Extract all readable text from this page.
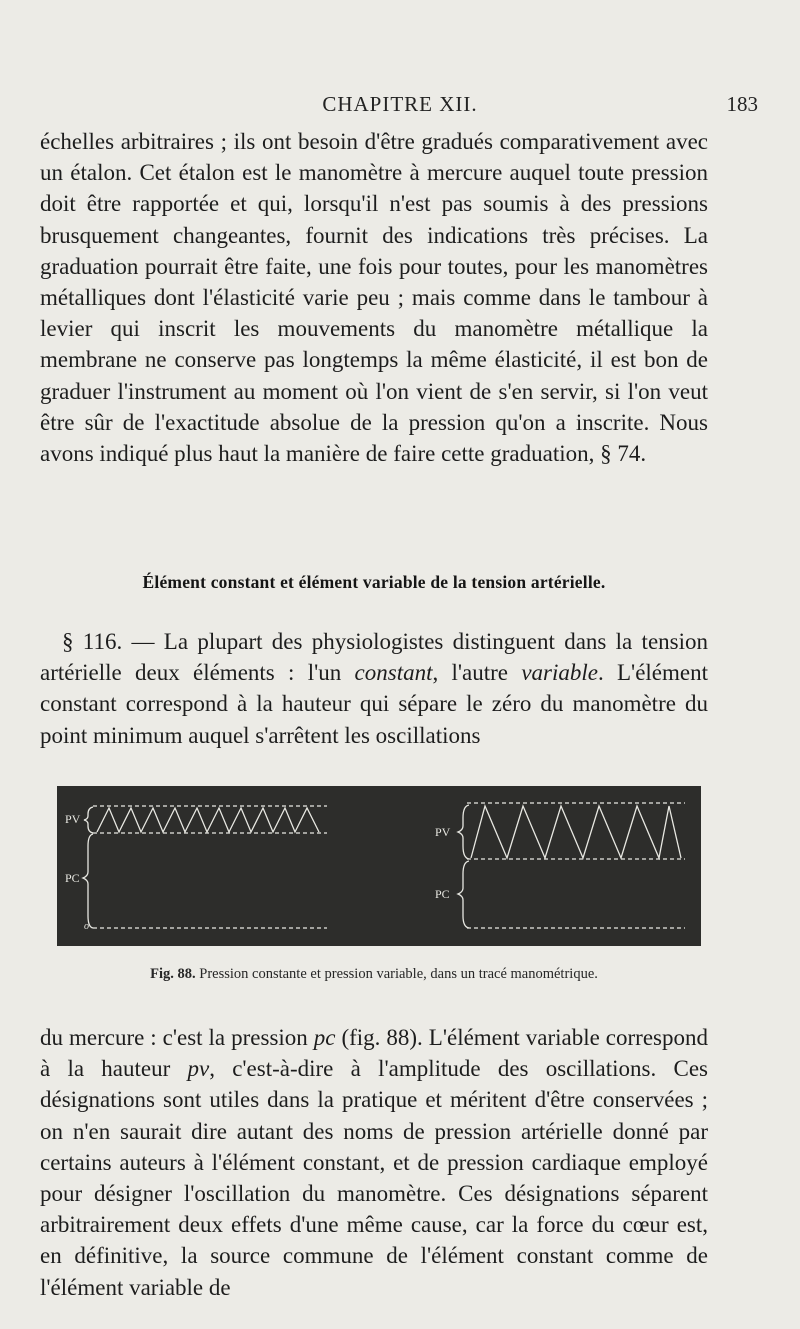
CHAPITRE XII.	183

échelles arbitraires ; ils ont besoin d'être gradués comparativement avec un étalon. Cet étalon est le manomètre à mercure auquel toute pression doit être rapportée et qui, lorsqu'il n'est pas soumis à des pressions brusquement changeantes, fournit des indications très précises. La graduation pourrait être faite, une fois pour toutes, pour les manomètres métalliques dont l'élasticité varie peu ; mais comme dans le tambour à levier qui inscrit les mouvements du manomètre métallique la membrane ne conserve pas longtemps la même élasticité, il est bon de graduer l'instrument au moment où l'on vient de s'en servir, si l'on veut être sûr de l'exactitude absolue de la pression qu'on a inscrite. Nous avons indiqué plus haut la manière de faire cette graduation, § 74.

Élément constant et élément variable de la tension artérielle.

§ 116. — La plupart des physiologistes distinguent dans la tension artérielle deux éléments : l'un constant, l'autre variable. L'élément constant correspond à la hauteur qui sépare le zéro du manomètre du point minimum auquel s'arrêtent les oscillations

PV
PC
o
PV
PC
Fig. 88. Pression constante et pression variable, dans un tracé manométrique.

du mercure : c'est la pression pc (fig. 88). L'élément variable correspond à la hauteur pv, c'est-à-dire à l'amplitude des oscillations. Ces désignations sont utiles dans la pratique et méritent d'être conservées ; on n'en saurait dire autant des noms de pression artérielle donné par certains auteurs à l'élément constant, et de pression cardiaque employé pour désigner l'oscillation du manomètre. Ces désignations séparent arbitrairement deux effets d'une même cause, car la force du cœur est, en définitive, la source commune de l'élément constant comme de l'élément variable de
